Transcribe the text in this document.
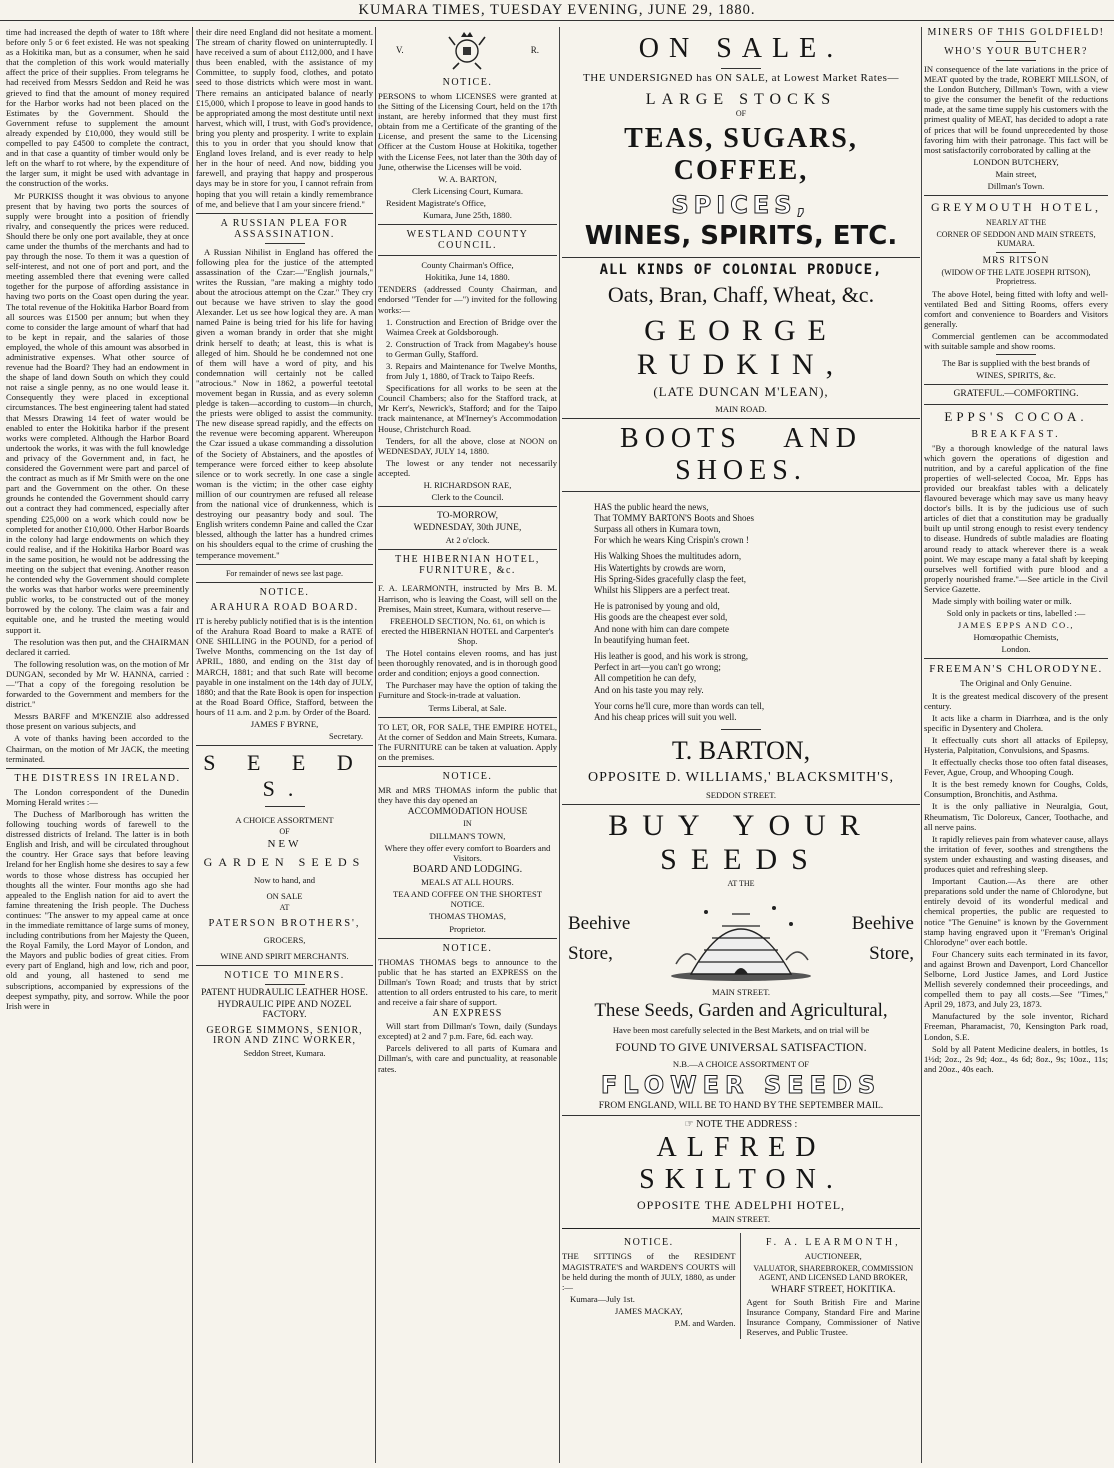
KUMARA TIMES, TUESDAY EVENING, JUNE 29, 1880.

time had increased the depth of water to 18ft where before only 5 or 6 feet existed. He was not speaking as a Hokitika man, but as a consumer, when he said that the completion of this work would materially affect the price of their supplies. From telegrams he had received from Messrs Seddon and Reid he was grieved to find that the amount of money required for the Harbor works had not been placed on the Estimates by the Government. Should the Government refuse to supplement the amount already expended by £10,000, they would still be compelled to pay £4500 to complete the contract, and in that case a quantity of timber would only be left on the wharf to rot where, by the expenditure of the larger sum, it might be used with advantage in the construction of the works.

Mr PURKISS thought it was obvious to anyone present that by having two ports the sources of supply were brought into a position of friendly rivalry, and consequently the prices were reduced. Should there be only one port available, they at once came under the thumbs of the merchants and had to pay through the nose. To them it was a question of self-interest, and not one of port and port, and the meeting assembled there that evening were called together for the purpose of affording assistance in having two ports on the Coast open during the year. The total revenue of the Hokitika Harbor Board from all sources was £1500 per annum; but when they come to consider the large amount of wharf that had to be kept in repair, and the salaries of those employed, the whole of this amount was absorbed in administrative expenses. What other source of revenue had the Board? They had an endowment in the shape of land down South on which they could not raise a single penny, as no one would lease it. Consequently they were placed in exceptional circumstances. The best engineering talent had stated that Messrs Drawing 14 feet of water would be enabled to enter the Hokitika harbor if the present works were completed. Although the Harbor Board undertook the works, it was with the full knowledge and privacy of the Government and, in fact, he considered the Government were part and parcel of the contract as much as if Mr Smith were on the one part and the Government on the other. On these grounds he contended the Government should carry out a contract they had commenced, especially after spending £25,000 on a work which could now be completed for another £10,000. Other Harbor Boards in the colony had large endowments on which they could realise, and if the Hokitika Harbor Board was in the same position, he would not be addressing the meeting on the subject that evening. Another reason he contended why the Government should complete the works was that harbor works were preeminently public works, to be constructed out of the money borrowed by the colony. The claim was a fair and equitable one, and he trusted the meeting would support it.

The resolution was then put, and the CHAIRMAN declared it carried.

The following resolution was, on the motion of Mr DUNGAN, seconded by Mr W. HANNA, carried :—"That a copy of the foregoing resolution be forwarded to the Government and members for the district."

Messrs BARFF and M'KENZIE also addressed those present on various subjects, and

A vote of thanks having been accorded to the Chairman, on the motion of Mr JACK, the meeting terminated.

THE DISTRESS IN IRELAND.

The London correspondent of the Dunedin Morning Herald writes :—

The Duchess of Marlborough has written the following touching words of farewell to the distressed districts of Ireland. The latter is in both English and Irish, and will be circulated throughout the country. Her Grace says that before leaving Ireland for her English home she desires to say a few words to those whose distress has occupied her thoughts all the winter. Four months ago she had appealed to the English nation for aid to avert the famine threatening the Irish people. The Duchess continues: "The answer to my appeal came at once in the immediate remittance of large sums of money, including contributions from her Majesty the Queen, the Royal Family, the Lord Mayor of London, and the Mayors and public bodies of great cities. From every part of England, high and low, rich and poor, old and young, all hastened to send me subscriptions, accompanied by expressions of the deepest sympathy, pity, and sorrow. While the poor Irish were in

their dire need England did not hesitate a moment. The stream of charity flowed on uninterruptedly. I have received a sum of about £112,000, and I have thus been enabled, with the assistance of my Committee, to supply food, clothes, and potato seed to those districts which were most in want. There remains an anticipated balance of nearly £15,000, which I propose to leave in good hands to be appropriated among the most destitute until next harvest, which will, I trust, with God's providence, bring you plenty and prosperity. I write to explain this to you in order that you should know that England loves Ireland, and is ever ready to help her in the hour of need. And now, bidding you farewell, and praying that happy and prosperous days may be in store for you, I cannot refrain from hoping that you will retain a kindly remembrance of me, and believe that I am your sincere friend."

A RUSSIAN PLEA FOR ASSASSINATION.

A Russian Nihilist in England has offered the following plea for the justice of the attempted assassination of the Czar:—"English journals," writes the Russian, "are making a mighty todo about the atrocious attempt on the Czar." They cry out because we have striven to slay the good Alexander. Let us see how logical they are. A man named Paine is being tried for his life for having given a woman brandy in order that she might drink herself to death; at least, this is what is alleged of him. Should he be condemned not one of them will have a word of pity, and his condemnation will certainly not be called "atrocious." Now in 1862, a powerful teetotal movement began in Russia, and as every solemn pledge is taken—according to custom—in church, the priests were obliged to assist the community. The new disease spread rapidly, and the effects on the revenue were becoming apparent. Whereupon the Czar issued a ukase commanding a dissolution of the Society of Abstainers, and the apostles of temperance were forced either to keep absolute silence or to work secretly. In one case a single woman is the victim; in the other case eighty million of our countrymen are refused all release from the national vice of drunkenness, which is destroying our peasantry body and soul. The English writers condemn Paine and called the Czar blessed, although the latter has a hundred crimes on his shoulders equal to the crime of crushing the temperance movement."

For remainder of news see last page.

NOTICE.
ARAHURA ROAD BOARD.

IT is hereby publicly notified that is is the intention of the Arahura Road Board to make a RATE of ONE SHILLING in the POUND, for a period of Twelve Months, commencing on the 1st day of APRIL, 1880, and ending on the 31st day of MARCH, 1881; and that such Rate will become payable in one instalment on the 14th day of JULY, 1880; and that the Rate Book is open for inspection at the Road Board Office, Stafford, between the hours of 11 a.m. and 2 p.m. by Order of the Board.

JAMES F BYRNE,

Secretary.

S E E D S.

A CHOICE ASSORTMENT

OF

NEW

GARDEN SEEDS

Now to hand, and

ON SALE

AT

PATERSON BROTHERS',

GROCERS,

WINE AND SPIRIT MERCHANTS.

NOTICE TO MINERS.

PATENT HUDRAULIC LEATHER HOSE.

HYDRAULIC PIPE AND NOZEL FACTORY.

GEORGE SIMMONS, SENIOR, IRON AND ZINC WORKER,

Seddon Street, Kumara.

V.	R.
NOTICE.

PERSONS to whom LICENSES were granted at the Sitting of the Licensing Court, held on the 17th instant, are hereby informed that they must first obtain from me a Certificate of the granting of the License, and present the same to the Licensing Officer at the Custom House at Hokitika, together with the License Fees, not later than the 30th day of June, otherwise the Licenses will be void.

W. A. BARTON,

Clerk Licensing Court, Kumara.

Resident Magistrate's Office,

Kumara, June 25th, 1880.

WESTLAND COUNTY COUNCIL.

County Chairman's Office,

Hokitika, June 14, 1880.

TENDERS (addressed County Chairman, and endorsed "Tender for —") invited for the following works:—

1. Construction and Erection of Bridge over the Waimea Creek at Goldsborough.

2. Construction of Track from Magabey's house to German Gully, Stafford.

3. Repairs and Maintenance for Twelve Months, from July 1, 1880, of Track to Taipo Reefs.

Specifications for all works to be seen at the Council Chambers; also for the Stafford track, at Mr Kerr's, Newrick's, Stafford; and for the Taipo track maintenance, at M'Inerney's Accommodation House, Christchurch Road.

Tenders, for all the above, close at NOON on WEDNESDAY, JULY 14, 1880.

The lowest or any tender not necessarily accepted.

H. RICHARDSON RAE,

Clerk to the Council.

TO-MORROW,

WEDNESDAY, 30th JUNE,

At 2 o'clock.

THE HIBERNIAN HOTEL, FURNITURE, &c.

F. A. LEARMONTH, instructed by Mrs B. M. Harrison, who is leaving the Coast, will sell on the Premises, Main street, Kumara, without reserve—

FREEHOLD SECTION, No. 61, on which is erected the HIBERNIAN HOTEL and Carpenter's Shop.

The Hotel contains eleven rooms, and has just been thoroughly renovated, and is in thorough good order and condition; enjoys a good connection.

The Purchaser may have the option of taking the Furniture and Stock-in-trade at valuation.

Terms Liberal, at Sale.

TO LET, OR, FOR SALE, THE EMPIRE HOTEL, At the corner of Seddon and Main Streets, Kumara. The FURNITURE can be taken at valuation. Apply on the premises.

NOTICE.

MR and MRS THOMAS inform the public that they have this day opened an

ACCOMMODATION HOUSE

IN

DILLMAN'S TOWN,

Where they offer every comfort to Boarders and Visitors.

BOARD AND LODGING.

MEALS AT ALL HOURS.

TEA AND COFFEE ON THE SHORTEST NOTICE.

THOMAS THOMAS,

Proprietor.

NOTICE.

THOMAS THOMAS begs to announce to the public that he has started an EXPRESS on the Dillman's Town Road; and trusts that by strict attention to all orders entrusted to his care, to merit and receive a fair share of support.

AN EXPRESS

Will start from Dillman's Town, daily (Sundays excepted) at 2 and 7 p.m. Fare, 6d. each way.

Parcels delivered to all parts of Kumara and Dillman's, with care and punctuality, at reasonable rates.

ON SALE.

THE UNDERSIGNED has ON SALE, at Lowest Market Rates—

LARGE STOCKS

OF

TEAS, SUGARS, COFFEE,
SPICES,
WINES, SPIRITS, ETC.
ALL KINDS OF COLONIAL PRODUCE,
Oats, Bran, Chaff, Wheat, &c.
GEORGE RUDKIN,

(LATE DUNCAN M'LEAN),

MAIN ROAD.

BOOTS AND SHOES.
HAS the public heard the news,
That TOMMY BARTON'S Boots and Shoes
Surpass all others in Kumara town,
For which he wears King Crispin's crown !
His Walking Shoes the multitudes adorn,
His Watertights by crowds are worn,
His Spring-Sides gracefully clasp the feet,
Whilst his Slippers are a perfect treat.
He is patronised by young and old,
His goods are the cheapest ever sold,
And none with him can dare compete
In beautifying human feet.
His leather is good, and his work is strong,
Perfect in art—you can't go wrong;
All competition he can defy,
And on his taste you may rely.
Your corns he'll cure, more than words can tell,
And his cheap prices will suit you well.
T. BARTON,

OPPOSITE D. WILLIAMS,' BLACKSMITH'S,

SEDDON STREET.

BUY YOUR SEEDS

AT THE

Beehive
Store,
Beehive
Store,

MAIN STREET.

These Seeds, Garden and Agricultural,

Have been most carefully selected in the Best Markets, and on trial will be

FOUND TO GIVE UNIVERSAL SATISFACTION.

N.B.—A CHOICE ASSORTMENT OF

FLOWER SEEDS

FROM ENGLAND, WILL BE TO HAND BY THE SEPTEMBER MAIL.

☞ NOTE THE ADDRESS :

ALFRED SKILTON.

OPPOSITE THE ADELPHI HOTEL,

MAIN STREET.

NOTICE.

THE SITTINGS of the RESIDENT MAGISTRATE'S and WARDEN'S COURTS will be held during the month of JULY, 1880, as under :—

Kumara—July 1st.

JAMES MACKAY,

P.M. and Warden.

F. A. LEARMONTH,

AUCTIONEER,

VALUATOR, SHAREBROKER, COMMISSION AGENT, AND LICENSED LAND BROKER,

WHARF STREET, HOKITIKA.

Agent for South British Fire and Marine Insurance Company, Standard Fire and Marine Insurance Company, Commissioner of Native Reserves, and Public Trustee.

MINERS OF THIS GOLDFIELD!
WHO'S YOUR BUTCHER?

IN consequence of the late variations in the price of MEAT quoted by the trade, ROBERT MILLSON, of the London Butchery, Dillman's Town, with a view to give the consumer the benefit of the reductions made, at the same time supply his customers with the primest quality of MEAT, has decided to adopt a rate of prices that will be found unprecedented by those favoring him with their patronage. This fact will be most satisfactorily corroborated by calling at the

LONDON BUTCHERY,

Main street,

Dillman's Town.

GREYMOUTH HOTEL,

NEARLY AT THE

CORNER OF SEDDON AND MAIN STREETS, KUMARA.

MRS RITSON

(WIDOW OF THE LATE JOSEPH RITSON), Proprietress.

The above Hotel, being fitted with lofty and well-ventilated Bed and Sitting Rooms, offers every comfort and convenience to Boarders and Visitors generally.

Commercial gentlemen can be accommodated with suitable sample and show rooms.

The Bar is supplied with the best brands of

WINES, SPIRITS, &c.

GRATEFUL.—COMFORTING.

EPPS'S COCOA.
BREAKFAST.

"By a thorough knowledge of the natural laws which govern the operations of digestion and nutrition, and by a careful application of the fine properties of well-selected Cocoa, Mr. Epps has provided our breakfast tables with a delicately flavoured beverage which may save us many heavy doctor's bills. It is by the judicious use of such articles of diet that a constitution may be gradually built up until strong enough to resist every tendency to disease. Hundreds of subtle maladies are floating around ready to attack wherever there is a weak point. We may escape many a fatal shaft by keeping ourselves well fortified with pure blood and a properly nourished frame."—See article in the Civil Service Gazette.

Made simply with boiling water or milk.

Sold only in packets or tins, labelled :—

JAMES EPPS AND CO.,

Homœopathic Chemists,

London.

FREEMAN'S CHLORODYNE.

The Original and Only Genuine.

It is the greatest medical discovery of the present century.

It acts like a charm in Diarrhœa, and is the only specific in Dysentery and Cholera.

It effectually cuts short all attacks of Epilepsy, Hysteria, Palpitation, Convulsions, and Spasms.

It effectually checks those too often fatal diseases, Fever, Ague, Croup, and Whooping Cough.

It is the best remedy known for Coughs, Colds, Consumption, Bronchitis, and Asthma.

It is the only palliative in Neuralgia, Gout, Rheumatism, Tic Doloreux, Cancer, Toothache, and all nerve pains.

It rapidly relieves pain from whatever cause, allays the irritation of fever, soothes and strengthens the system under exhausting and wasting diseases, and produces quiet and refreshing sleep.

Important Caution.—As there are other preparations sold under the name of Chlorodyne, but entirely devoid of its wonderful medical and chemical properties, the public are requested to notice "The Genuine" is known by the Government stamp having engraved upon it "Freman's Original Chlorodyne" over each bottle.

Four Chancery suits each terminated in its favor, and against Brown and Davenport, Lord Chancellor Selborne, Lord Justice James, and Lord Justice Mellish severely condemned their proceedings, and compelled them to pay all costs.—See "Times," April 29, 1873, and July 23, 1873.

Manufactured by the sole inventor, Richard Freeman, Pharamacist, 70, Kensington Park road, London, S.E.

Sold by all Patent Medicine dealers, in bottles, 1s 1½d; 2oz., 2s 9d; 4oz., 4s 6d; 8oz., 9s; 10oz., 11s; and 20oz., 40s each.
